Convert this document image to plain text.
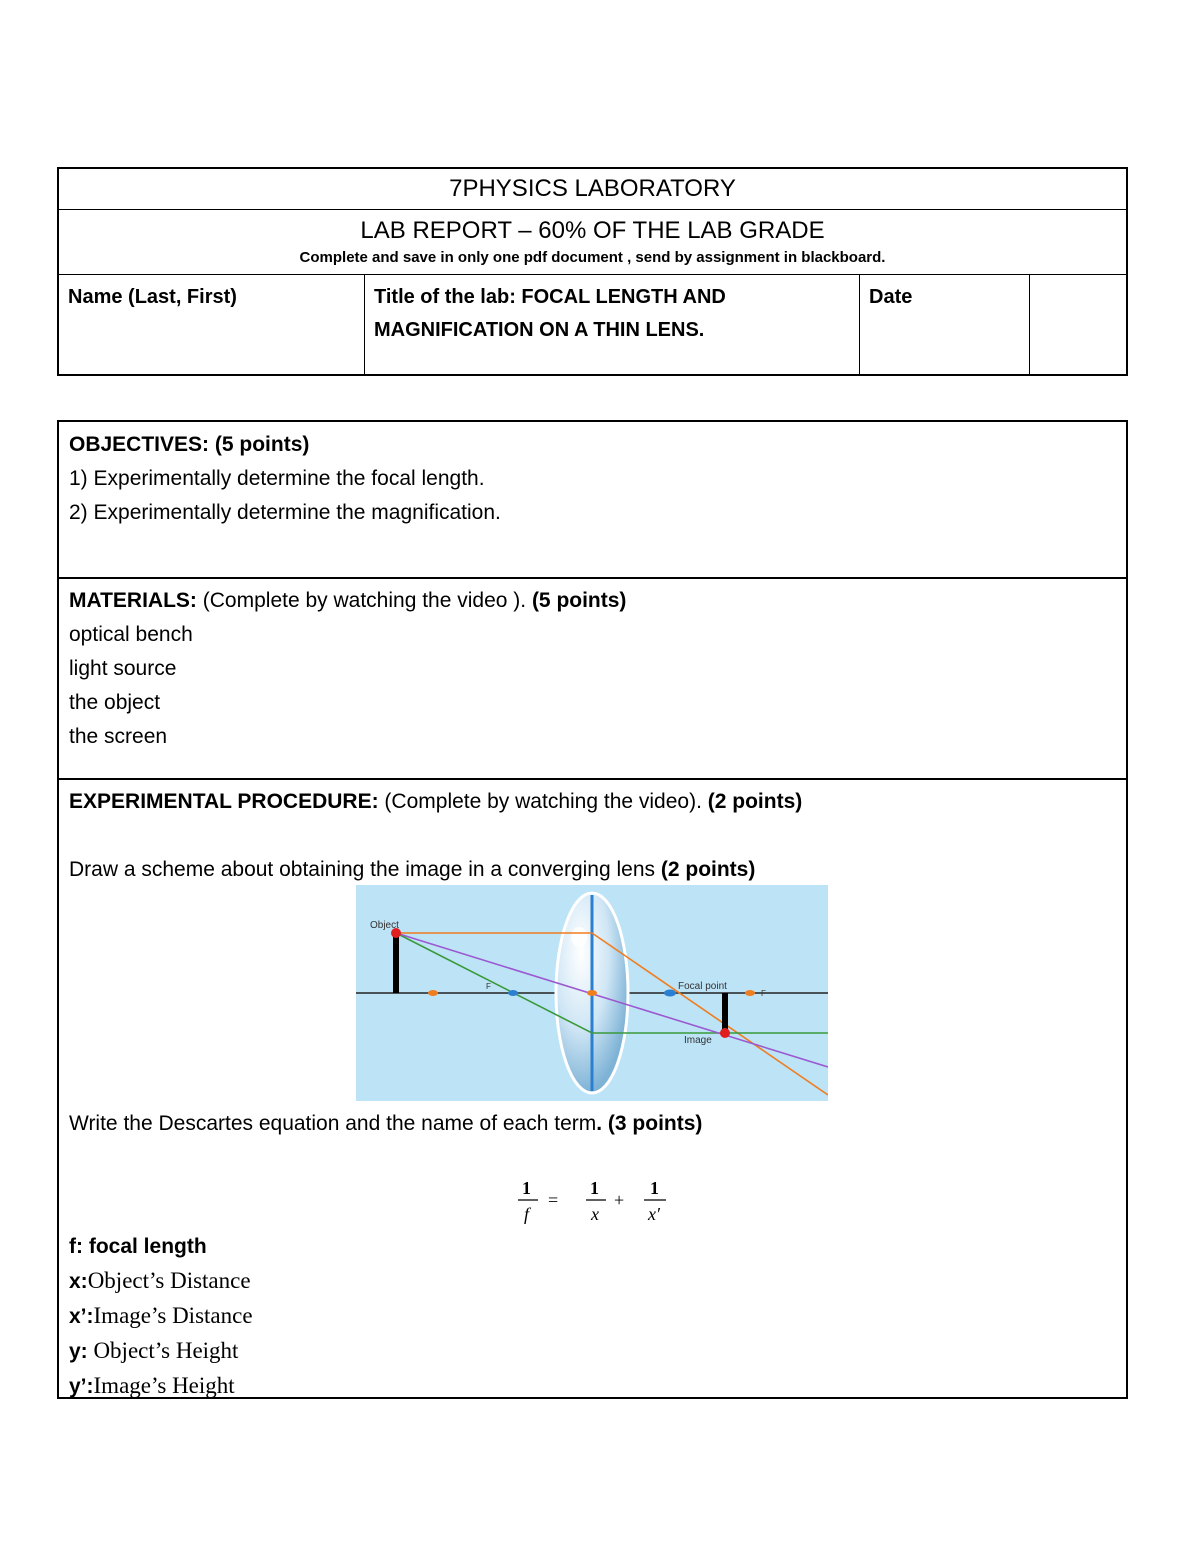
7PHYSICS LABORATORY
LAB REPORT – 60% OF THE LAB GRADE
Complete and save in only one pdf document , send by assignment in blackboard.
Name (Last, First)	Title of the lab: FOCAL LENGTH AND
MAGNIFICATION ON A THIN LENS.
Date
OBJECTIVES: (5 points)
1) Experimentally determine the focal length.
2) Experimentally determine the magnification.
MATERIALS: (Complete by watching the video ). (5 points)
optical bench
light source
the object
the screen
EXPERIMENTAL PROCEDURE: (Complete by watching the video). (2 points)

Draw a scheme about obtaining the image in a converging lens (2 points)
Object
Focal point
Image
F
F
Write the Descartes equation and the name of each term. (3 points)
1
f
=
1
x
+
1
x′
f: focal length
x:Object’s Distance
x’:Image’s Distance
y: Object’s Height
y’:Image’s Height
